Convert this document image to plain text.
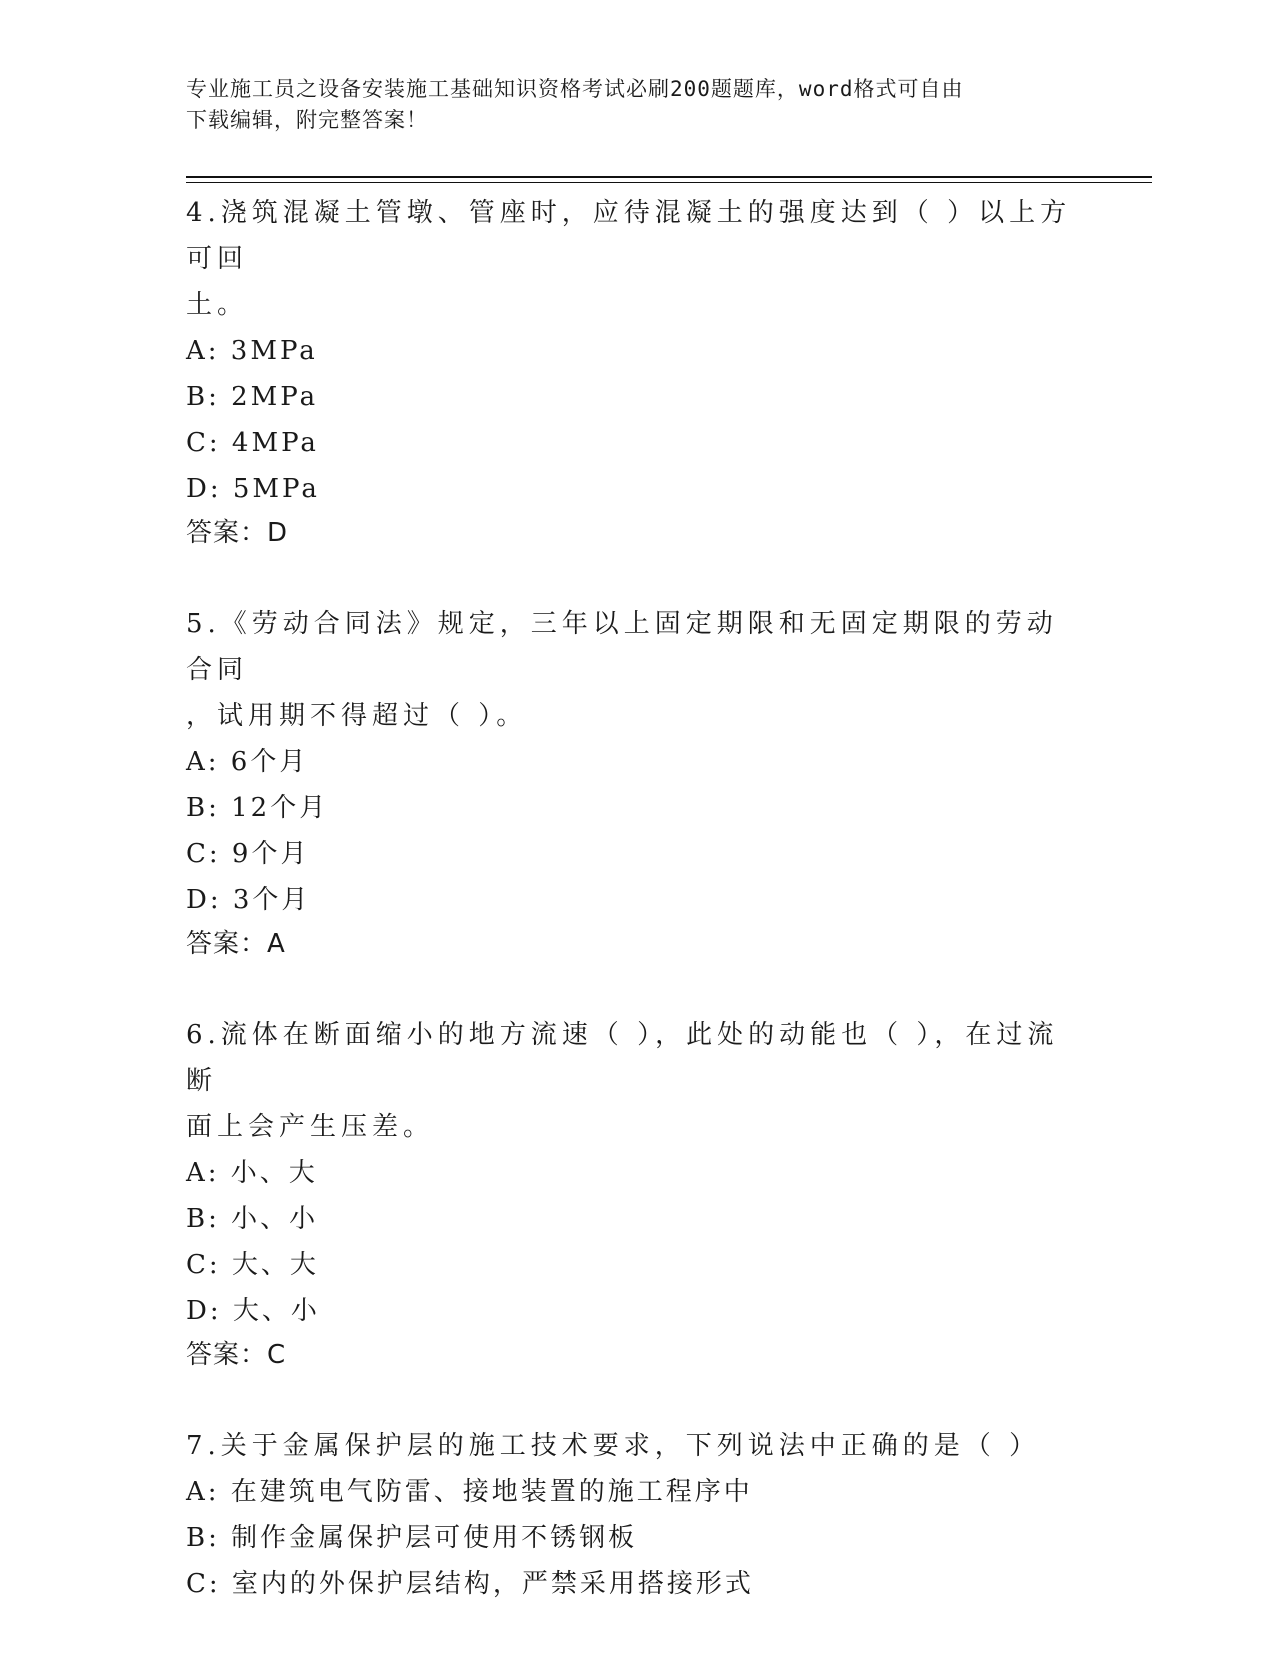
专业施工员之设备安装施工基础知识资格考试必刷200题题库，word格式可自由
下载编辑，附完整答案！

4.浇筑混凝土管墩、管座时，应待混凝土的强度达到（ ）以上方可回
土。

A: 3MPa

B: 2MPa

C: 4MPa

D: 5MPa

答案：D

5.《劳动合同法》规定，三年以上固定期限和无固定期限的劳动合同
，试用期不得超过（ ）。

A: 6个月

B: 12个月

C: 9个月

D: 3个月

答案：A

6.流体在断面缩小的地方流速（ ），此处的动能也（ ），在过流断
面上会产生压差。

A: 小、大

B: 小、小

C: 大、大

D: 大、小

答案：C

7.关于金属保护层的施工技术要求，下列说法中正确的是（ ）

A: 在建筑电气防雷、接地装置的施工程序中

B: 制作金属保护层可使用不锈钢板

C: 室内的外保护层结构，严禁采用搭接形式
